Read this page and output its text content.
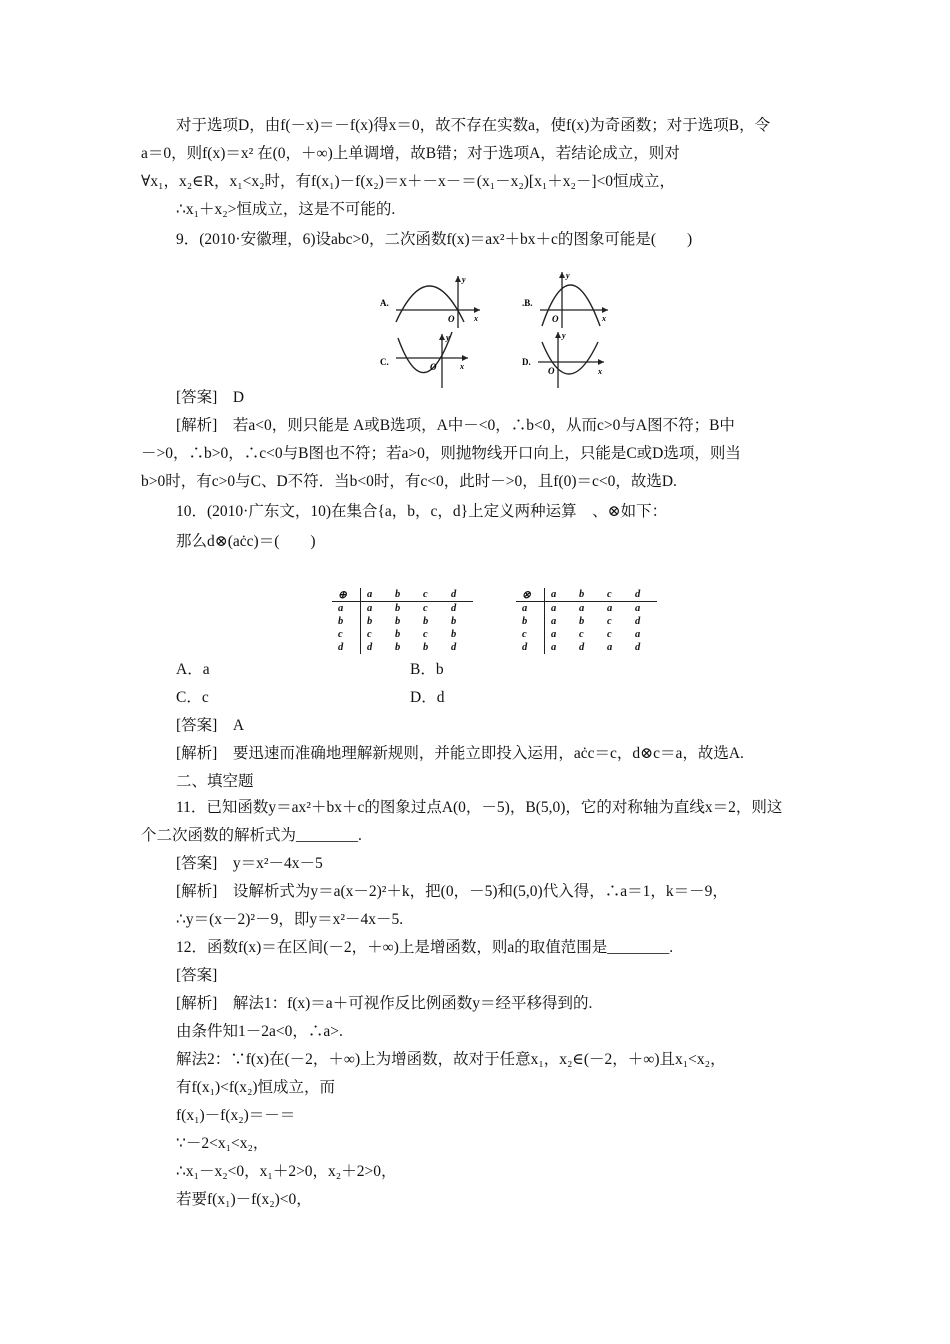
对于选项D，由f(－x)＝－f(x)得x＝0，故不存在实数a，使f(x)为奇函数；对于选项B，令
a＝0，则f(x)＝x² 在(0，＋∞)上单调增，故B错；对于选项A，若结论成立，则对
∀x₁，x₂∈R，x₁<x₂时，有f(x₁)－f(x₂)＝x＋－x－＝(x₁－x₂)[x₁＋x₂－]<0恒成立，
∴x₁＋x₂>恒成立，这是不可能的.
9．(2010·安徽理，6)设abc>0，二次函数f(x)＝ax²＋bx＋c的图象可能是(　　)
[答案]　D
[解析]　若a<0，则只能是 A或B选项，A中－<0，∴b<0，从而c>0与A图不符；B中
－>0，∴b>0，∴c<0与B图也不符；若a>0，则抛物线开口向上，只能是C或D选项，则当
b>0时，有c>0与C、D不符．当b<0时，有c<0，此时－>0，且f(0)＝c<0，故选D.
10．(2010·广东文，10)在集合{a，b，c，d}上定义两种运算　、⊗如下：
那么d⊗(aċc)＝(　　)
A．a	B．b
C．c	D．d
[答案]　A
[解析]　要迅速而准确地理解新规则，并能立即投入运用，aċc＝c，d⊗c＝a，故选A.
二、填空题
11．已知函数y＝ax²＋bx＋c的图象过点A(0，－5)，B(5,0)，它的对称轴为直线x＝2，则这
个二次函数的解析式为________.
[答案]　y＝x²－4x－5
[解析]　设解析式为y＝a(x－2)²＋k，把(0，－5)和(5,0)代入得，∴a＝1，k＝－9，
∴y＝(x－2)²－9，即y＝x²－4x－5.
12．函数f(x)＝在区间(－2，＋∞)上是增函数，则a的取值范围是________.
[答案]
[解析]　解法1：f(x)＝a＋可视作反比例函数y＝经平移得到的.
由条件知1－2a<0，∴a>.
解法2：∵f(x)在(－2，＋∞)上为增函数，故对于任意x₁，x₂∈(－2，＋∞)且x₁<x₂，
有f(x₁)<f(x₂)恒成立，而
f(x₁)－f(x₂)＝－＝
∵－2<x₁<x₂，
∴x₁－x₂<0，x₁＋2>0，x₂＋2>0，
若要f(x₁)－f(x₂)<0，
A.
O x
y
.B.
O	x
y
C.	O	x
y
D.
O	x
y
⊕	a	b	c	d
a	a	b	c	d
b	b	b	b	b
c	c	b	c	b
d	d	b	b	d
⊗	a	b	c	d
a	a	a	a	a
b	a	b	c	d
c	a	c	c	a
d	a	d	a	d
